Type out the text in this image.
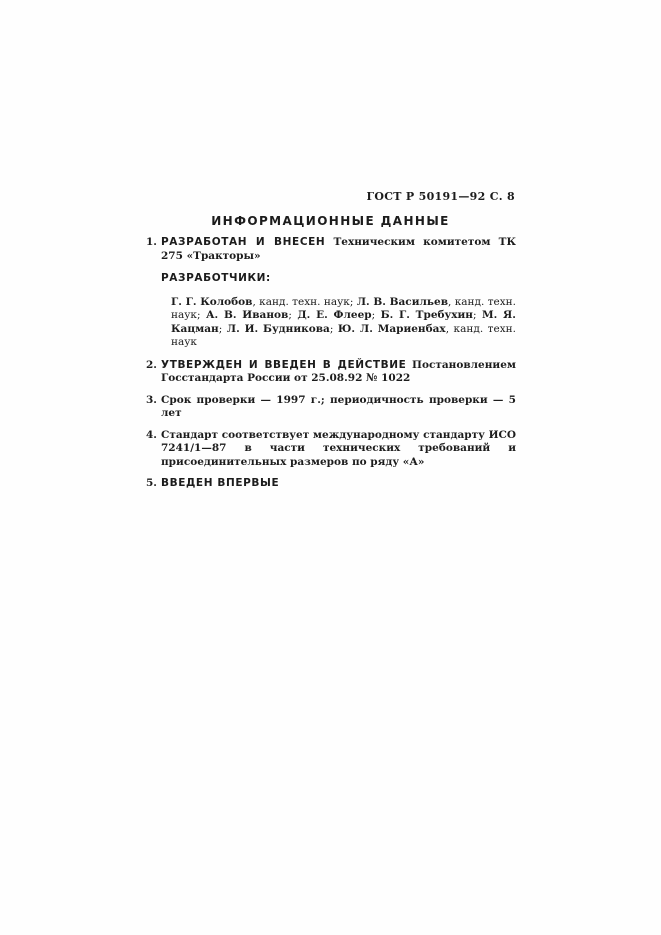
ГОСТ Р 50191—92 С. 8
ИНФОРМАЦИОННЫЕ ДАННЫЕ
1. РАЗРАБОТАН И ВНЕСЕН Техническим комитетом ТК 275 «Тракторы»
РАЗРАБОТЧИКИ:
Г. Г. Колобов, канд. техн. наук; Л. В. Васильев, канд. техн. наук; А. В. Иванов; Д. Е. Флеер; Б. Г. Требухин; М. Я. Кацман; Л. И. Будникова; Ю. Л. Мариенбах, канд. техн. наук
2. УТВЕРЖДЕН И ВВЕДЕН В ДЕЙСТВИЕ Постановлением Госстандарта России от 25.08.92 № 1022
3. Срок проверки — 1997 г.; периодичность проверки — 5 лет
4. Стандарт соответствует международному стандарту ИСО 7241/1—87 в части технических требований и присоединительных размеров по ряду «А»
5. ВВЕДЕН ВПЕРВЫЕ
